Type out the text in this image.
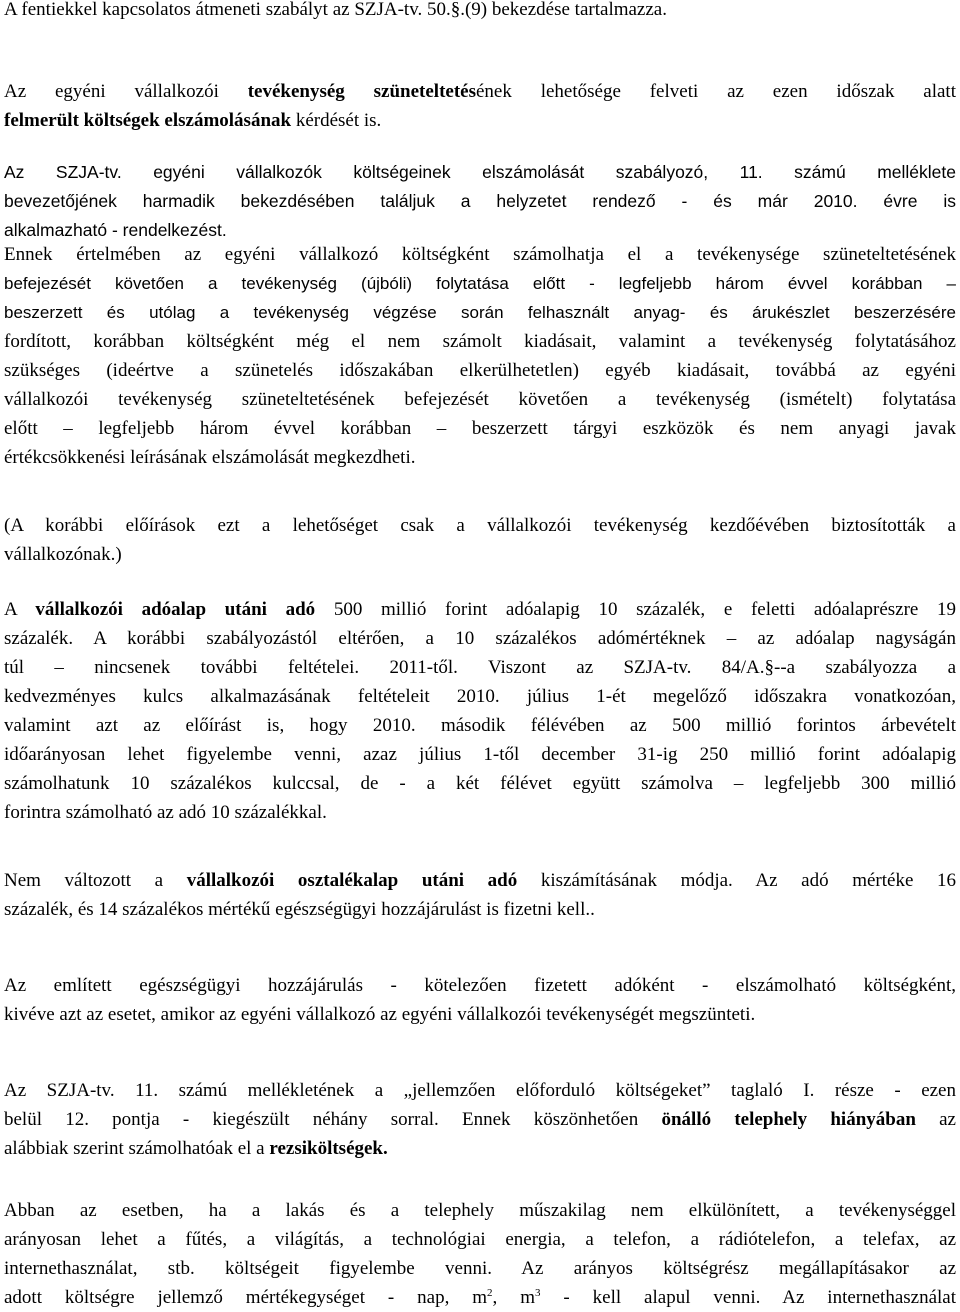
A fentiekkel kapcsolatos átmeneti szabályt az SZJA-tv. 50.§.(9) bekezdése tartalmazza.

Az egyéni vállalkozói tevékenység szüneteltetésének lehetősége felveti az ezen időszak alatt
felmerült költségek elszámolásának kérdését is.

Az SZJA-tv. egyéni vállalkozók költségeinek elszámolását szabályozó, 11. számú melléklete
bevezetőjének harmadik bekezdésében találjuk a helyzetet rendező - és már 2010. évre is
alkalmazható - rendelkezést.

Ennek értelmében az egyéni vállalkozó költségként számolhatja el a tevékenysége szüneteltetésének
befejezését követően a tevékenység (újbóli) folytatása előtt - legfeljebb három évvel korábban –
beszerzett és utólag a tevékenység végzése során felhasznált anyag- és árukészlet beszerzésére
fordított, korábban költségként még el nem számolt kiadásait, valamint a tevékenység folytatásához
szükséges (ideértve a szünetelés időszakában elkerülhetetlen) egyéb kiadásait, továbbá az egyéni
vállalkozói tevékenység szüneteltetésének befejezését követően a tevékenység (ismételt) folytatása
előtt – legfeljebb három évvel korábban – beszerzett tárgyi eszközök és nem anyagi javak
értékcsökkenési leírásának elszámolását megkezdheti.

(A korábbi előírások ezt a lehetőséget csak a vállalkozói tevékenység kezdőévében biztosították a
vállalkozónak.)

A vállalkozói adóalap utáni adó 500 millió forint adóalapig 10 százalék, e feletti adóalaprészre 19
százalék. A korábbi szabályozástól eltérően, a 10 százalékos adómértéknek – az adóalap nagyságán
túl – nincsenek további feltételei. 2011-től. Viszont az SZJA-tv. 84/A.§--a szabályozza a
kedvezményes kulcs alkalmazásának feltételeit 2010. július 1-ét megelőző időszakra vonatkozóan,
valamint azt az előírást is, hogy 2010. második félévében az 500 millió forintos árbevételt
időarányosan lehet figyelembe venni, azaz július 1-től december 31-ig 250 millió forint adóalapig
számolhatunk 10 százalékos kulccsal, de - a két félévet együtt számolva – legfeljebb 300 millió
forintra számolható az adó 10 százalékkal.

Nem változott a vállalkozói osztalékalap utáni adó kiszámításának módja. Az adó mértéke 16
százalék, és 14 százalékos mértékű egészségügyi hozzájárulást is fizetni kell..

Az említett egészségügyi hozzájárulás - kötelezően fizetett adóként - elszámolható költségként,
kivéve azt az esetet, amikor az egyéni vállalkozó az egyéni vállalkozói tevékenységét megszünteti.

Az SZJA-tv. 11. számú mellékletének a „jellemzően előforduló költségeket” taglaló I. része - ezen
belül 12. pontja - kiegészült néhány sorral. Ennek köszönhetően önálló telephely hiányában az
alábbiak szerint számolhatóak el a rezsiköltségek.

Abban az esetben, ha a lakás és a telephely műszakilag nem elkülönített, a tevékenységgel
arányosan lehet a fűtés, a világítás, a technológiai energia, a telefon, a rádiótelefon, a telefax, az
internethasználat, stb. költségeit figyelembe venni. Az arányos költségrész megállapításakor az
adott költségre jellemző mértékegységet - nap, $m^2$, $m^3$ - kell alapul venni. Az internethasználat
